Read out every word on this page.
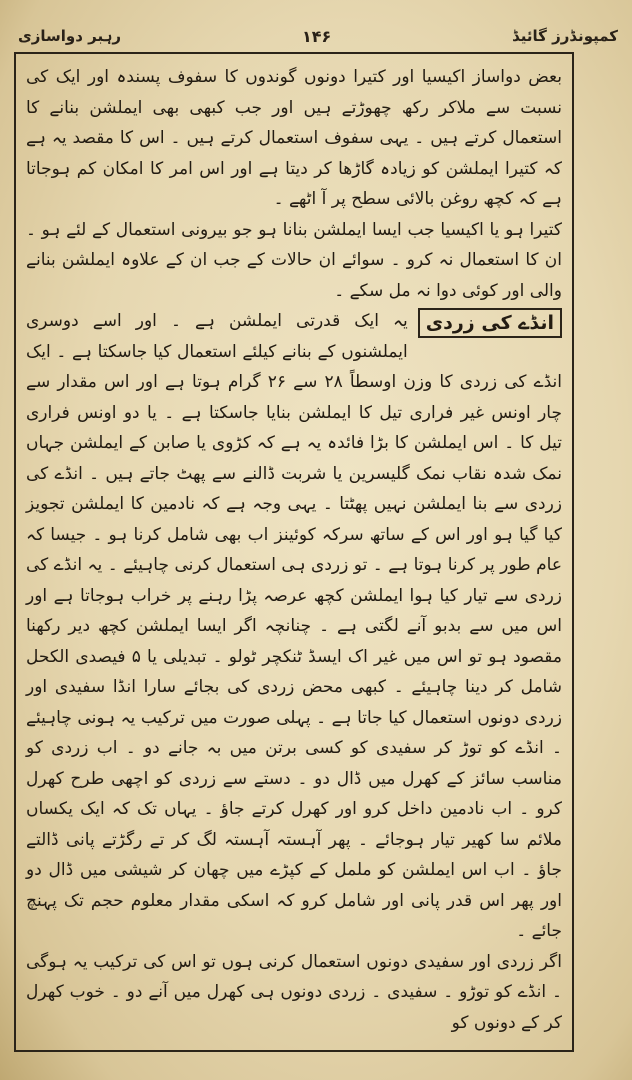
کمپونڈرز گائیڈ
۱۴۶
رہبر دواسازی

بعض دواساز اکیسیا اور کتیرا دونوں گوندوں کا سفوف پسندہ اور ایک کی نسبت سے ملاکر رکھ چھوڑتے ہیں اور جب کبھی بھی ایملشن بنانے کا استعمال کرتے ہیں ۔ یہی سفوف استعمال کرتے ہیں ۔ اس کا مقصد یہ ہے کہ کتیرا ایملشن کو زیادہ گاڑھا کر دیتا ہے اور اس امر کا امکان کم ہوجاتا ہے کہ کچھ روغن بالائی سطح پر آ اٹھے ۔

کتیرا ہو یا اکیسیا جب ایسا ایملشن بنانا ہو جو بیرونی استعمال کے لئے ہو ۔ ان کا استعمال نہ کرو ۔ سوائے ان حالات کے جب ان کے علاوہ ایملشن بنانے والی اور کوئی دوا نہ مل سکے ۔

انڈے کی زردی
یہ ایک قدرتی ایملشن ہے ۔ اور اسے دوسری ایملشنوں کے بنانے کیلئے استعمال کیا جاسکتا ہے ۔ ایک انڈے کی زردی کا وزن اوسطاً ۲۸ سے ۲۶ گرام ہوتا ہے اور اس مقدار سے چار اونس غیر فراری تیل کا ایملشن بنایا جاسکتا ہے ۔ یا دو اونس فراری تیل کا ۔ اس ایملشن کا بڑا فائدہ یہ ہے کہ کڑوی یا صابن کے ایملشن جہاں نمک شدہ نقاب نمک گلیسرین یا شربت ڈالنے سے پھٹ جاتے ہیں ۔ انڈے کی زردی سے بنا ایملشن نہیں پھٹتا ۔ یہی وجہ ہے کہ نادمین کا ایملشن تجویز کیا گیا ہو اور اس کے ساتھ سرکہ کوئینز اب بھی شامل کرنا ہو ۔ جیسا کہ عام طور پر کرنا ہوتا ہے ۔ تو زردی ہی استعمال کرنی چاہیئے ۔ یہ انڈے کی زردی سے تیار کیا ہوا ایملشن کچھ عرصہ پڑا رہنے پر خراب ہوجاتا ہے اور اس میں سے بدبو آنے لگتی ہے ۔ چنانچہ اگر ایسا ایملشن کچھ دیر رکھنا مقصود ہو تو اس میں غیر اک ایسڈ ٹنکچر ٹولو ۔ تبدیلی یا ۵ فیصدی الکحل شامل کر دینا چاہیئے ۔ کبھی محض زردی کی بجائے سارا انڈا سفیدی اور زردی دونوں استعمال کیا جاتا ہے ۔ پہلی صورت میں ترکیب یہ ہونی چاہیئے ۔ انڈے کو توڑ کر سفیدی کو کسی برتن میں بہ جانے دو ۔ اب زردی کو مناسب سائز کے کھرل میں ڈال دو ۔ دستے سے زردی کو اچھی طرح کھرل کرو ۔ اب نادمین داخل کرو اور کھرل کرتے جاؤ ۔ یہاں تک کہ ایک یکساں ملائم سا کھیر تیار ہوجائے ۔ پھر آہستہ آہستہ لگ کر تے رگڑتے پانی ڈالتے جاؤ ۔ اب اس ایملشن کو ململ کے کپڑے میں چھان کر شیشی میں ڈال دو اور پھر اس قدر پانی اور شامل کرو کہ اسکی مقدار معلوم حجم تک پہنچ جائے ۔

اگر زردی اور سفیدی دونوں استعمال کرنی ہوں تو اس کی ترکیب یہ ہوگی ۔ انڈے کو توڑو ۔ سفیدی ۔ زردی دونوں ہی کھرل میں آنے دو ۔ خوب کھرل کر کے دونوں کو
